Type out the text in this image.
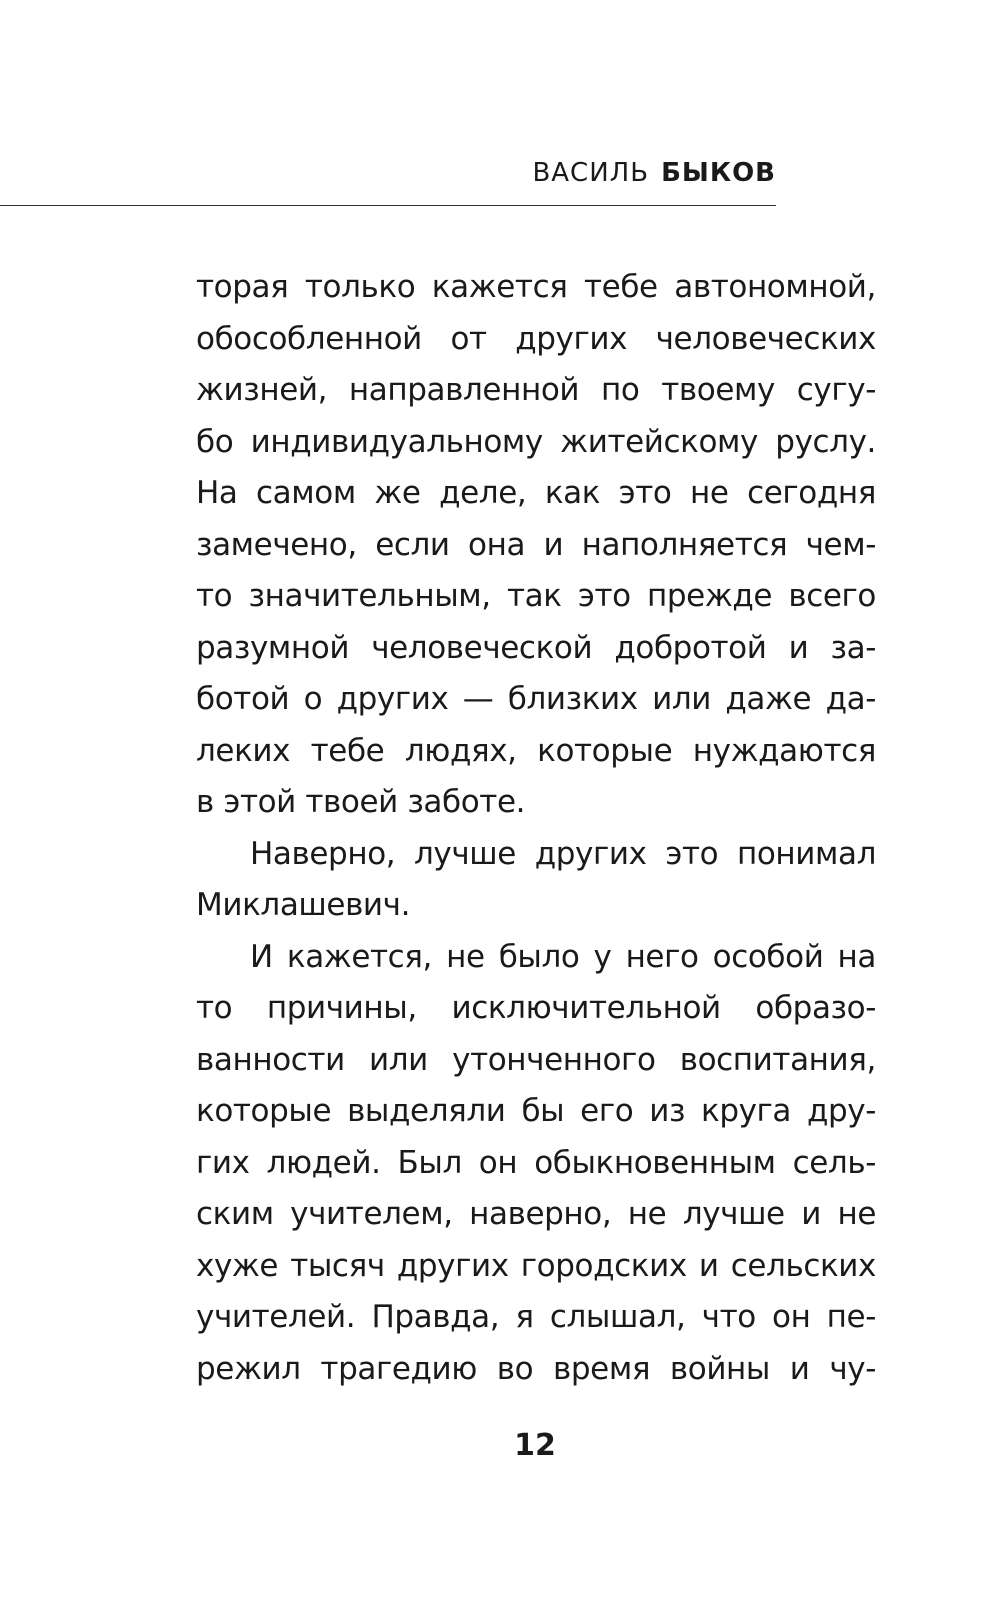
ВАСИЛЬ БЫКОВ
торая только кажется тебе автономной,
обособленной от других человеческих
жизней, направленной по твоему сугу-
бо индивидуальному житейскому руслу.
На самом же деле, как это не сегодня
замечено, если она и наполняется чем-
то значительным, так это прежде всего
разумной человеческой добротой и за-
ботой о других — близких или даже да-
леких тебе людях, которые нуждаются
в этой твоей заботе.
Наверно, лучше других это понимал
Миклашевич.
И кажется, не было у него особой на
то причины, исключительной образо-
ванности или утонченного воспитания,
которые выделяли бы его из круга дру-
гих людей. Был он обыкновенным сель-
ским учителем, наверно, не лучше и не
хуже тысяч других городских и сельских
учителей. Правда, я слышал, что он пе-
режил трагедию во время войны и чу-
12
